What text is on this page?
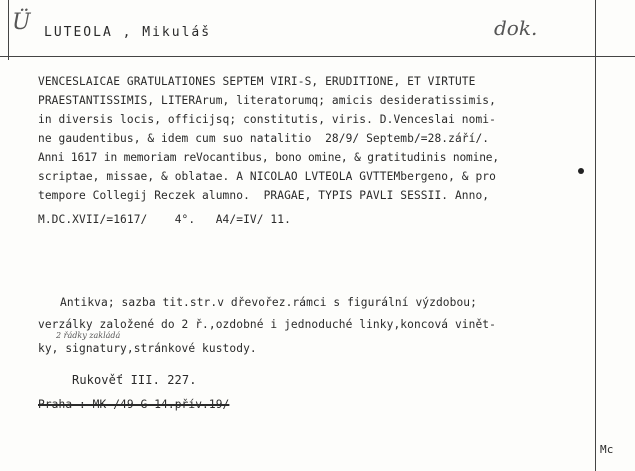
Ü LUTEOLA , Mikuláš	dok.
VENCESLAICAE GRATULATIONES SEPTEM VIRI-S, ERUDITIONE, ET VIRTUTE
PRAESTANTISSIMIS, LITERArum, literatorumq; amicis desideratissimis,
in diversis locis, officijsq; constitutis, viris. D.Venceslai nomi-
ne gaudentibus, & idem cum suo natalitio  28/9/ Septemb/=28.září/.
Anni 1617 in memoriam reVocantibus, bono omine, & gratitudinis nomine,
scriptae, missae, & oblatae. A NICOLAO LVTEOLA GVTTEMbergeno, & pro
tempore Collegij Reczek alumno.  PRAGAE, TYPIS PAVLI SESSII. Anno,
M.DC.XVII/=1617/    4°.   A4/=IV/ 11.
Antikva; sazba tit.str.v dřevořez.rámci s figurální výzdobou;
verzálky založené do 2 ř.,ozdobné i jednoduché linky,koncová vinět-
2 řádky zakládá
ky, signatury,stránkové kustody.
Rukověť III. 227.
Praha : MK /49 G 14.přív.19/
Mc
